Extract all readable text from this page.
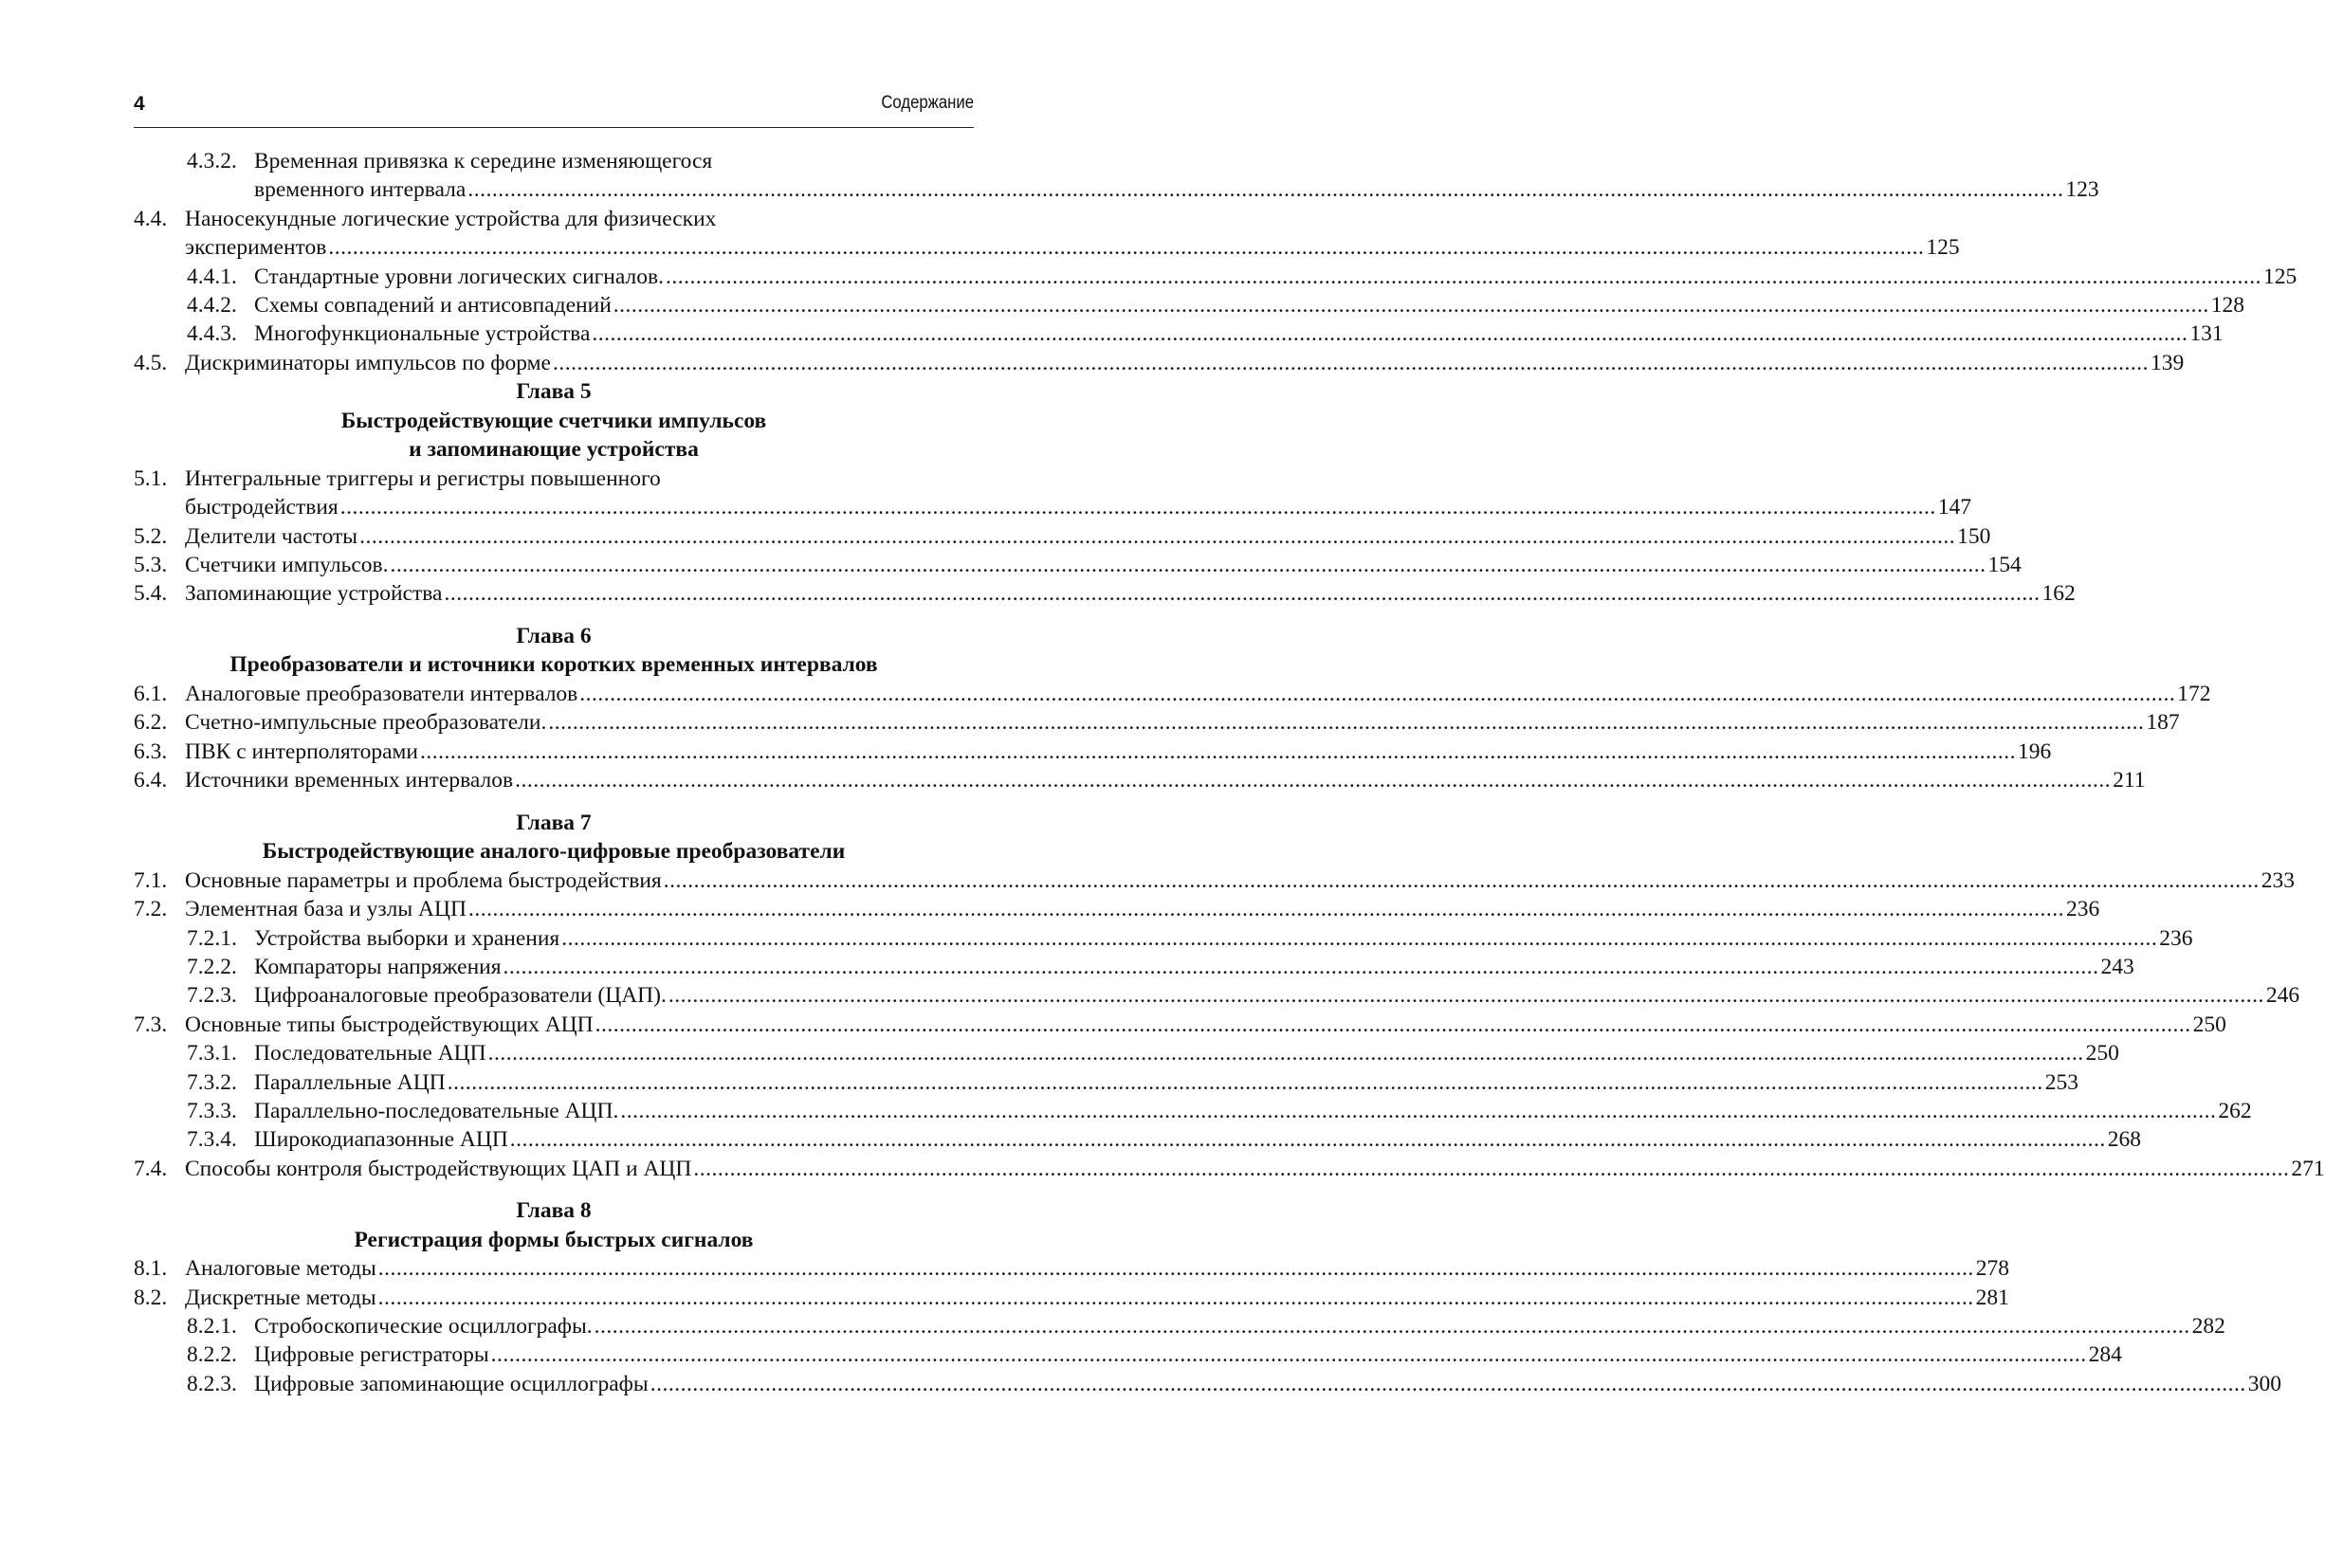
4	Содержание
4.3.2. Временная привязка к середине изменяющегося
временного интервала .....	123
4.4. Наносекундные логические устройства для физических
экспериментов .....	125
4.4.1. Стандартные уровни логических сигналов. .....	125
4.4.2. Схемы совпадений и антисовпадений .....	128
4.4.3. Многофункциональные устройства .....	131
4.5. Дискриминаторы импульсов по форме .....	139
Глава 5
Быстродействующие счетчики импульсов
и запоминающие устройства
5.1. Интегральные триггеры и регистры повышенного
быстродействия .....	147
5.2. Делители частоты .....	150
5.3. Счетчики импульсов. .....	154
5.4. Запоминающие устройства .....	162
Глава 6
Преобразователи и источники коротких временных интервалов
6.1. Аналоговые преобразователи интервалов .....	172
6.2. Счетно-импульсные преобразователи. .....	187
6.3. ПВК с интерполяторами .....	196
6.4. Источники временных интервалов .....	211
Глава 7
Быстродействующие аналого-цифровые преобразователи
7.1. Основные параметры и проблема быстродействия .....	233
7.2. Элементная база и узлы АЦП .....	236
7.2.1. Устройства выборки и хранения .....	236
7.2.2. Компараторы напряжения .....	243
7.2.3. Цифроаналоговые преобразователи (ЦАП). .....	246
7.3. Основные типы быстродействующих АЦП .....	250
7.3.1. Последовательные АЦП .....	250
7.3.2. Параллельные АЦП .....	253
7.3.3. Параллельно-последовательные АЦП. .....	262
7.3.4. Широкодиапазонные АЦП .....	268
7.4. Способы контроля быстродействующих ЦАП и АЦП .....	271
Глава 8
Регистрация формы быстрых сигналов
8.1. Аналоговые методы .....	278
8.2. Дискретные методы .....	281
8.2.1. Стробоскопические осциллографы. .....	282
8.2.2. Цифровые регистраторы .....	284
8.2.3. Цифровые запоминающие осциллографы .....	300
